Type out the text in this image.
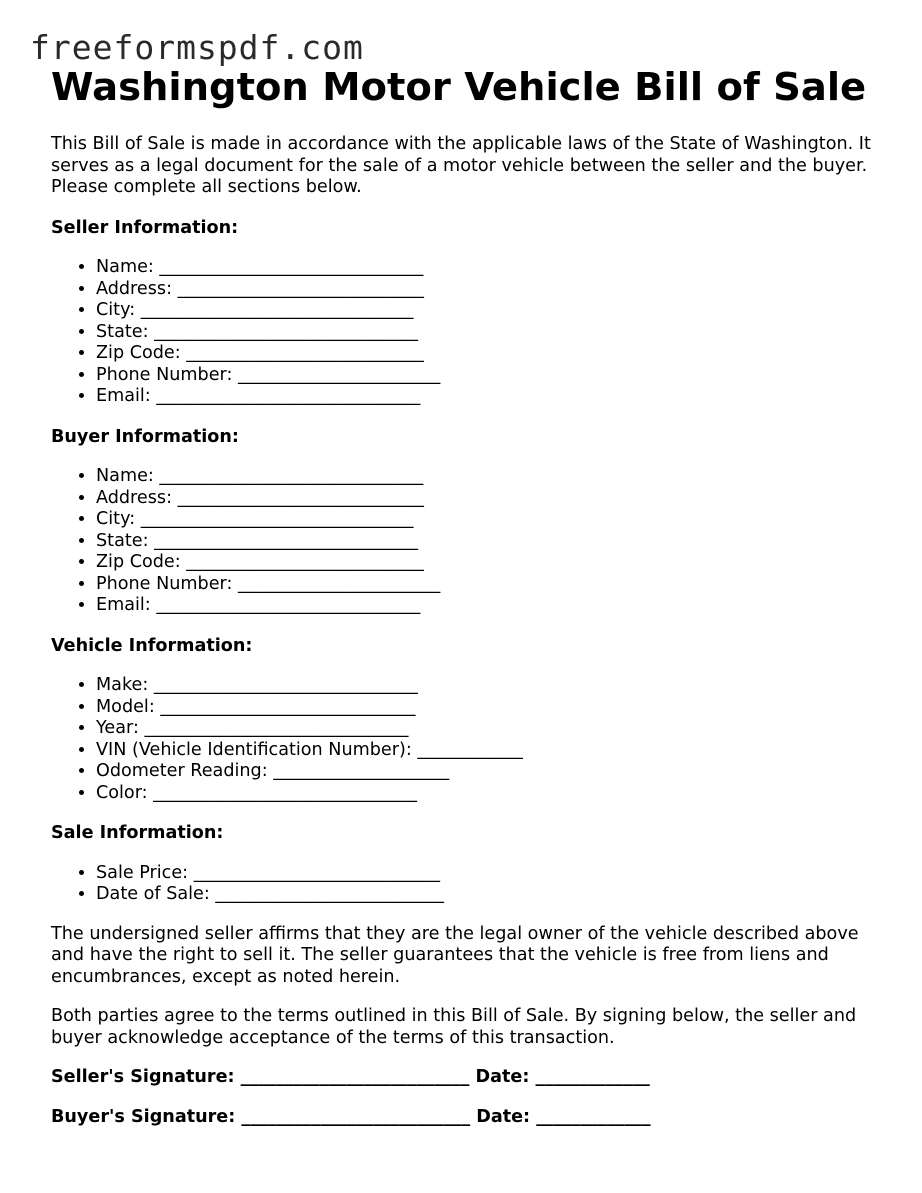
freeformspdf.com
Washington Motor Vehicle Bill of Sale

This Bill of Sale is made in accordance with the applicable laws of the State of Washington. It serves as a legal document for the sale of a motor vehicle between the seller and the buyer. Please complete all sections below.

Seller Information:
• Name: ______________________________
• Address: ____________________________
• City: _______________________________
• State: ______________________________
• Zip Code: ___________________________
• Phone Number: _______________________
• Email: ______________________________
Buyer Information:
• Name: ______________________________
• Address: ____________________________
• City: _______________________________
• State: ______________________________
• Zip Code: ___________________________
• Phone Number: _______________________
• Email: ______________________________
Vehicle Information:
• Make: ______________________________
• Model: _____________________________
• Year: ______________________________
• VIN (Vehicle Identification Number): ____________
• Odometer Reading: ____________________
• Color: ______________________________
Sale Information:
• Sale Price: ____________________________
• Date of Sale: __________________________

The undersigned seller affirms that they are the legal owner of the vehicle described above and have the right to sell it. The seller guarantees that the vehicle is free from liens and encumbrances, except as noted herein.

Both parties agree to the terms outlined in this Bill of Sale. By signing below, the seller and buyer acknowledge acceptance of the terms of this transaction.

Seller's Signature: __________________________ Date: _____________
Buyer's Signature: __________________________ Date: _____________
